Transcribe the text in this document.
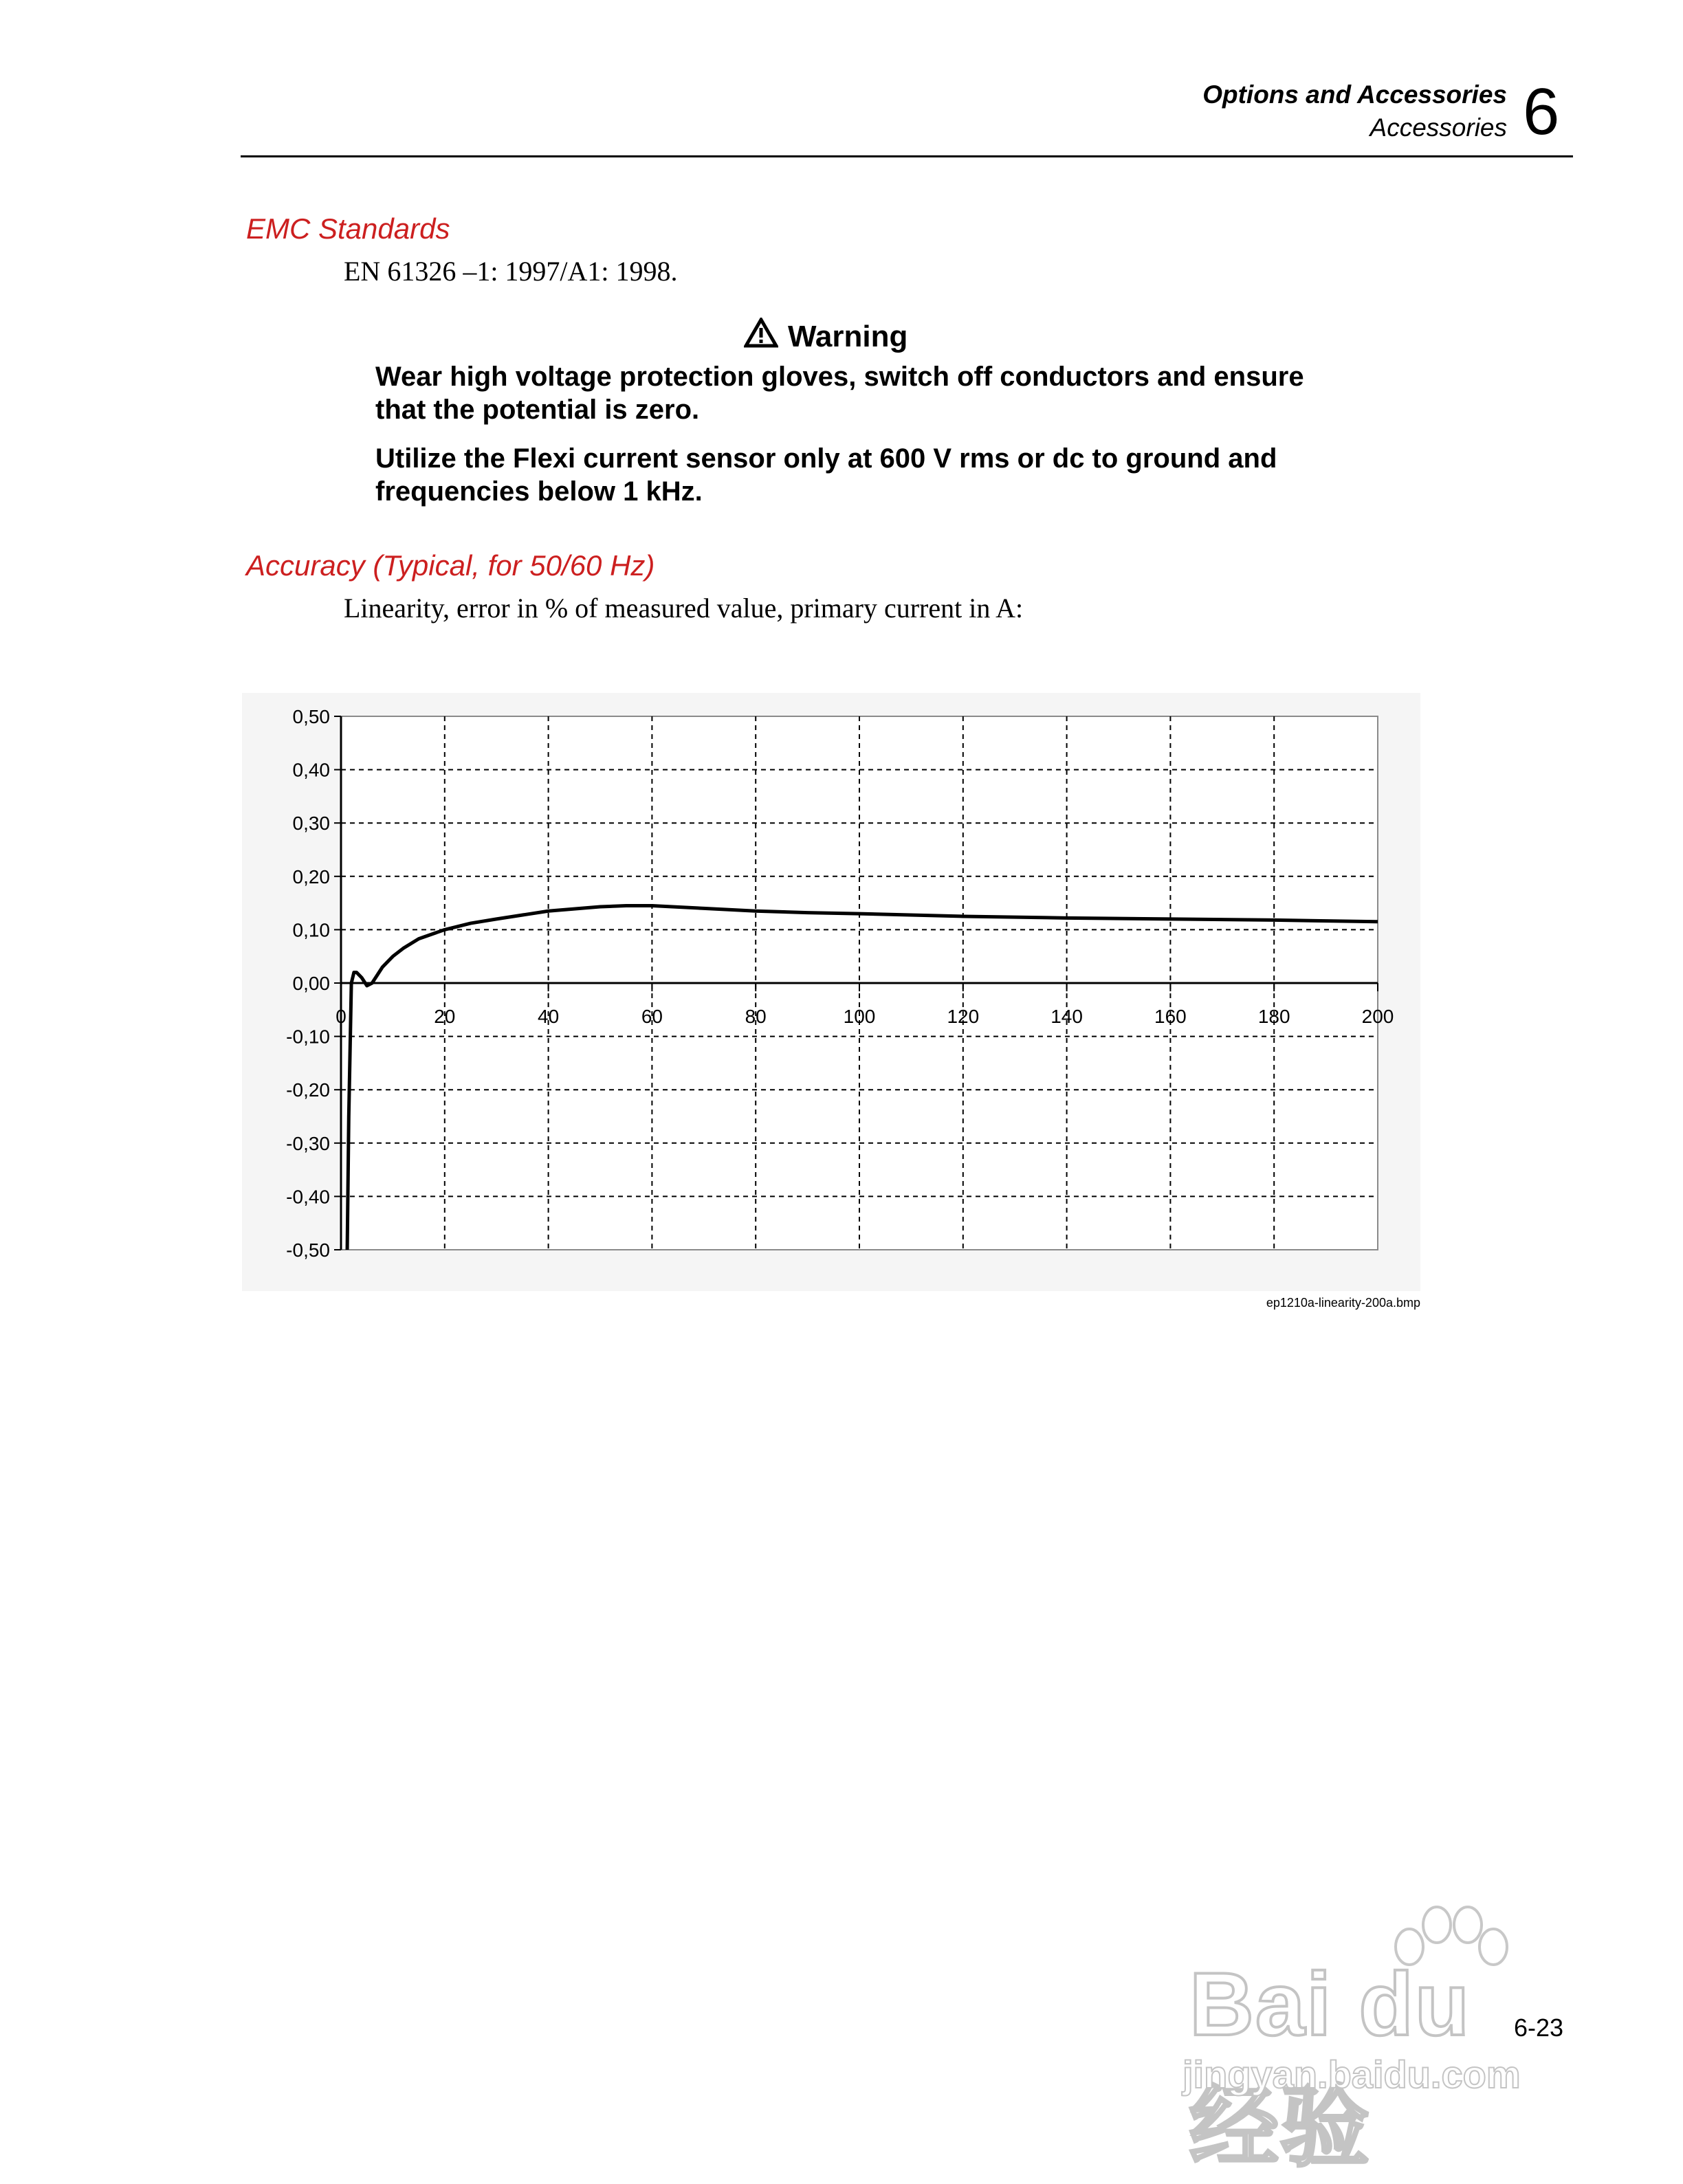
Options and Accessories
Accessories 6
EMC Standards
EN 61326 –1: 1997/A1: 1998.
Warning
Wear high voltage protection gloves, switch off conductors and ensure that the potential is zero.
Utilize the Flexi current sensor only at 600 V rms or dc to ground and frequencies below 1 kHz.
Accuracy (Typical, for 50/60 Hz)
Linearity, error in % of measured value, primary current in A:
0,50
0,40
0,30
0,20
0,10
0,00
-0,10
-0,20
-0,30
-0,40
-0,50
0	20	40	60	80	100	120	140	160	180	200
ep1210a-linearity-200a.bmp
Bai du 经验
jingyan.baidu.com
6-23
